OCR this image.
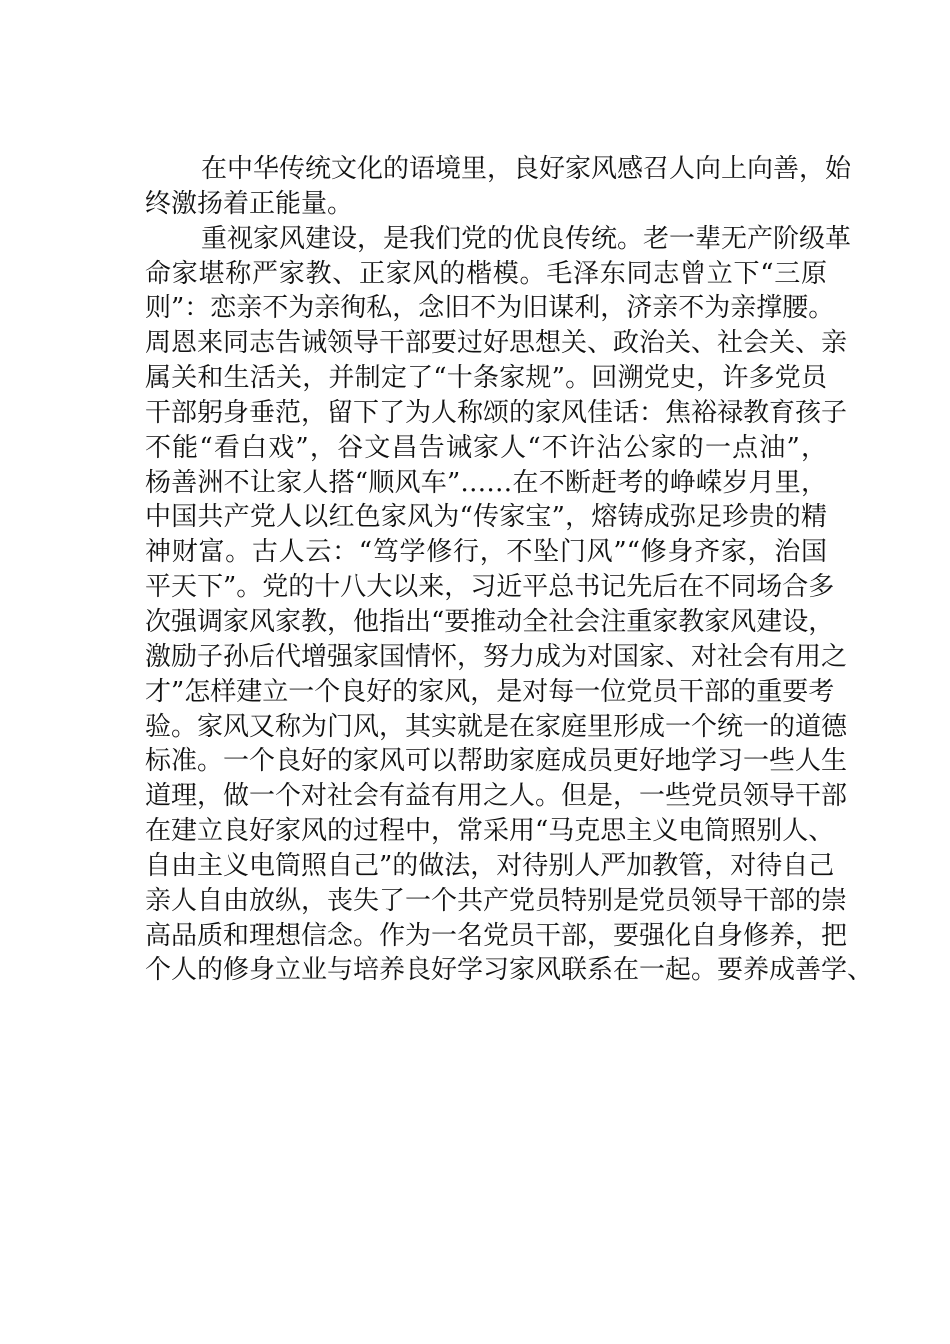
在中华传统文化的语境里，良好家风感召人向上向善，始
终激扬着正能量。
重视家风建设，是我们党的优良传统。老一辈无产阶级革
命家堪称严家教、正家风的楷模。毛泽东同志曾立下“三原
则”：恋亲不为亲徇私，念旧不为旧谋利，济亲不为亲撑腰。
周恩来同志告诫领导干部要过好思想关、政治关、社会关、亲
属关和生活关，并制定了“十条家规”。回溯党史，许多党员
干部躬身垂范，留下了为人称颂的家风佳话：焦裕禄教育孩子
不能“看白戏”，谷文昌告诫家人“不许沾公家的一点油”，
杨善洲不让家人搭“顺风车”……在不断赶考的峥嵘岁月里，
中国共产党人以红色家风为“传家宝”，熔铸成弥足珍贵的精
神财富。古人云：“笃学修行，不坠门风”“修身齐家，治国
平天下”。党的十八大以来，习近平总书记先后在不同场合多
次强调家风家教，他指出“要推动全社会注重家教家风建设，
激励子孙后代增强家国情怀，努力成为对国家、对社会有用之
才”怎样建立一个良好的家风，是对每一位党员干部的重要考
验。家风又称为门风，其实就是在家庭里形成一个统一的道德
标准。一个良好的家风可以帮助家庭成员更好地学习一些人生
道理，做一个对社会有益有用之人。但是，一些党员领导干部
在建立良好家风的过程中，常采用“马克思主义电筒照别人、
自由主义电筒照自己”的做法，对待别人严加教管，对待自己
亲人自由放纵，丧失了一个共产党员特别是党员领导干部的崇
高品质和理想信念。作为一名党员干部，要强化自身修养，把
个人的修身立业与培养良好学习家风联系在一起。要养成善学、
